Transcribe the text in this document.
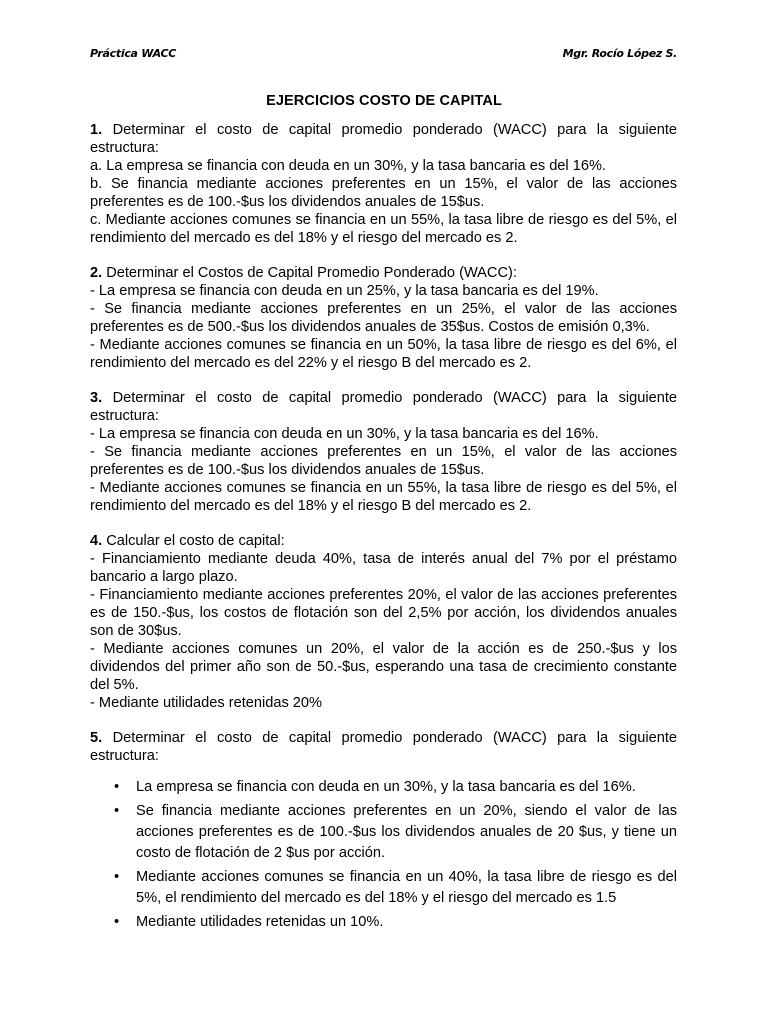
Práctica WACC	Mgr. Rocío López S.
EJERCICIOS COSTO DE CAPITAL

1. Determinar el costo de capital promedio ponderado (WACC) para la siguiente estructura:

a. La empresa se financia con deuda en un 30%, y la tasa bancaria es del 16%.

b. Se financia mediante acciones preferentes en un 15%, el valor de las acciones preferentes es de 100.-$us los dividendos anuales de 15$us.

c. Mediante acciones comunes se financia en un 55%, la tasa libre de riesgo es del 5%, el rendimiento del mercado es del 18% y el riesgo del mercado es 2.

2. Determinar el Costos de Capital Promedio Ponderado (WACC):

- La empresa se financia con deuda en un 25%, y la tasa bancaria es del 19%.

- Se financia mediante acciones preferentes en un 25%, el valor de las acciones preferentes es de 500.-$us los dividendos anuales de 35$us. Costos de emisión 0,3%.

- Mediante acciones comunes se financia en un 50%, la tasa libre de riesgo es del 6%, el rendimiento del mercado es del 22% y el riesgo B del mercado es 2.

3. Determinar el costo de capital promedio ponderado (WACC) para la siguiente estructura:

- La empresa se financia con deuda en un 30%, y la tasa bancaria es del 16%.

- Se financia mediante acciones preferentes en un 15%, el valor de las acciones preferentes es de 100.-$us los dividendos anuales de 15$us.

- Mediante acciones comunes se financia en un 55%, la tasa libre de riesgo es del 5%, el rendimiento del mercado es del 18% y el riesgo B del mercado es 2.

4. Calcular el costo de capital:

- Financiamiento mediante deuda 40%, tasa de interés anual del 7% por el préstamo bancario a largo plazo.

- Financiamiento mediante acciones preferentes 20%, el valor de las acciones preferentes es de 150.-$us, los costos de flotación son del 2,5% por acción, los dividendos anuales son de 30$us.

- Mediante acciones comunes un 20%, el valor de la acción es de 250.-$us y los dividendos del primer año son de 50.-$us, esperando una tasa de crecimiento constante del 5%.

- Mediante utilidades retenidas 20%

5. Determinar el costo de capital promedio ponderado (WACC) para la siguiente estructura:

•	La empresa se financia con deuda en un 30%, y la tasa bancaria es del 16%.
•	Se financia mediante acciones preferentes en un 20%, siendo el valor de las acciones preferentes es de 100.-$us los dividendos anuales de 20 $us, y tiene un costo de flotación de 2 $us por acción.
•	Mediante acciones comunes se financia en un 40%, la tasa libre de riesgo es del 5%, el rendimiento del mercado es del 18% y el riesgo del mercado es 1.5
•	Mediante utilidades retenidas un 10%.
